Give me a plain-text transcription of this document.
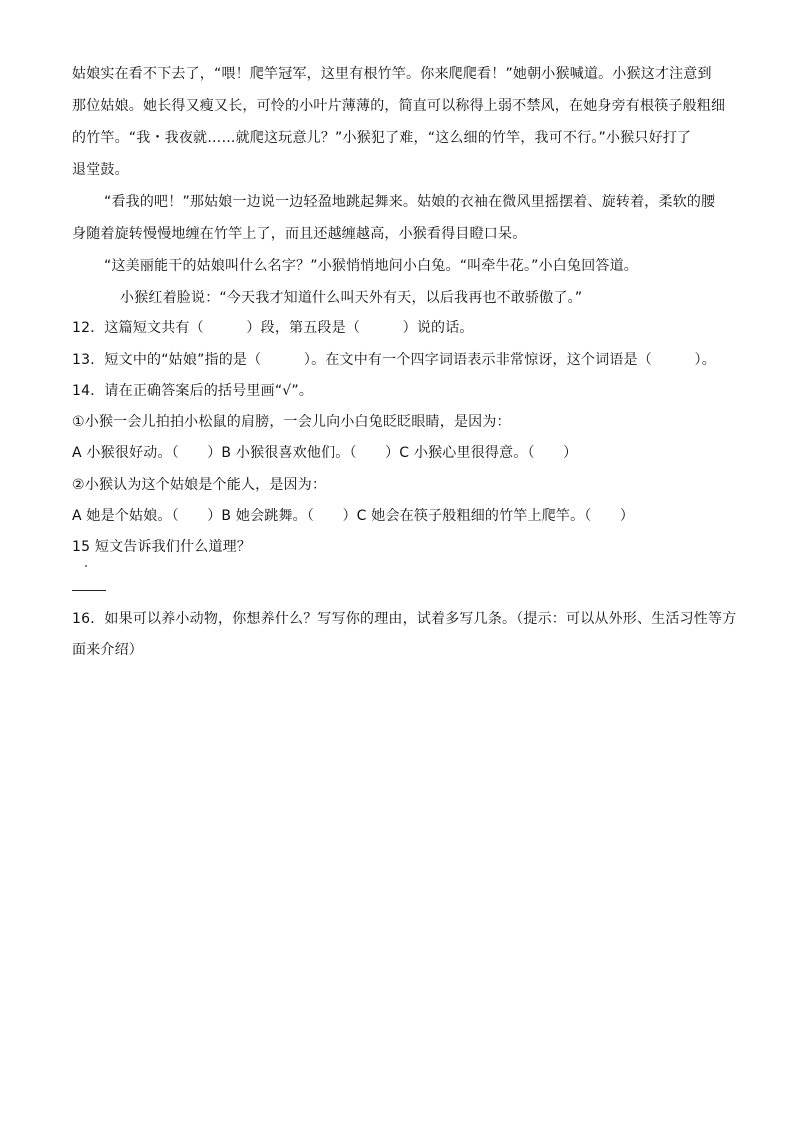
姑娘实在看不下去了，“喂！爬竿冠军，这里有根竹竿。你来爬爬看！”她朝小猴喊道。小猴这才注意到
那位姑娘。她长得又瘦又长，可怜的小叶片薄薄的，简直可以称得上弱不禁风，在她身旁有根筷子般粗细
的竹竿。“我・我夜就……就爬这玩意儿？”小猴犯了难，“这么细的竹竿，我可不行。”小猴只好打了
退堂鼓。
“看我的吧！”那姑娘一边说一边轻盈地跳起舞来。姑娘的衣袖在微风里摇摆着、旋转着，柔软的腰
身随着旋转慢慢地缠在竹竿上了，而且还越缠越高，小猴看得目瞪口呆。
“这美丽能干的姑娘叫什么名字？”小猴悄悄地问小白兔。“叫牵牛花。”小白兔回答道。
小猴红着脸说：“今天我才知道什么叫天外有天，以后我再也不敢骄傲了。”
12．这篇短文共有（　　　）段，第五段是（　　　）说的话。
13．短文中的“姑娘”指的是（　　　）。在文中有一个四字词语表示非常惊讶，这个词语是（　　　）。
14．请在正确答案后的括号里画“√”。
①小猴一会儿拍拍小松鼠的肩膀，一会儿向小白兔眨眨眼睛，是因为：
A 小猴很好动。（　　）B 小猴很喜欢他们。（　　）C 小猴心里很得意。（　　）
②小猴认为这个姑娘是个能人，是因为：
A 她是个姑娘。（　　）B 她会跳舞。（　　）C 她会在筷子般粗细的竹竿上爬竿。（　　）
15 短文告诉我们什么道理？
16．如果可以养小动物，你想养什么？写写你的理由，试着多写几条。（提示：可以从外形、生活习性等方
面来介绍）
